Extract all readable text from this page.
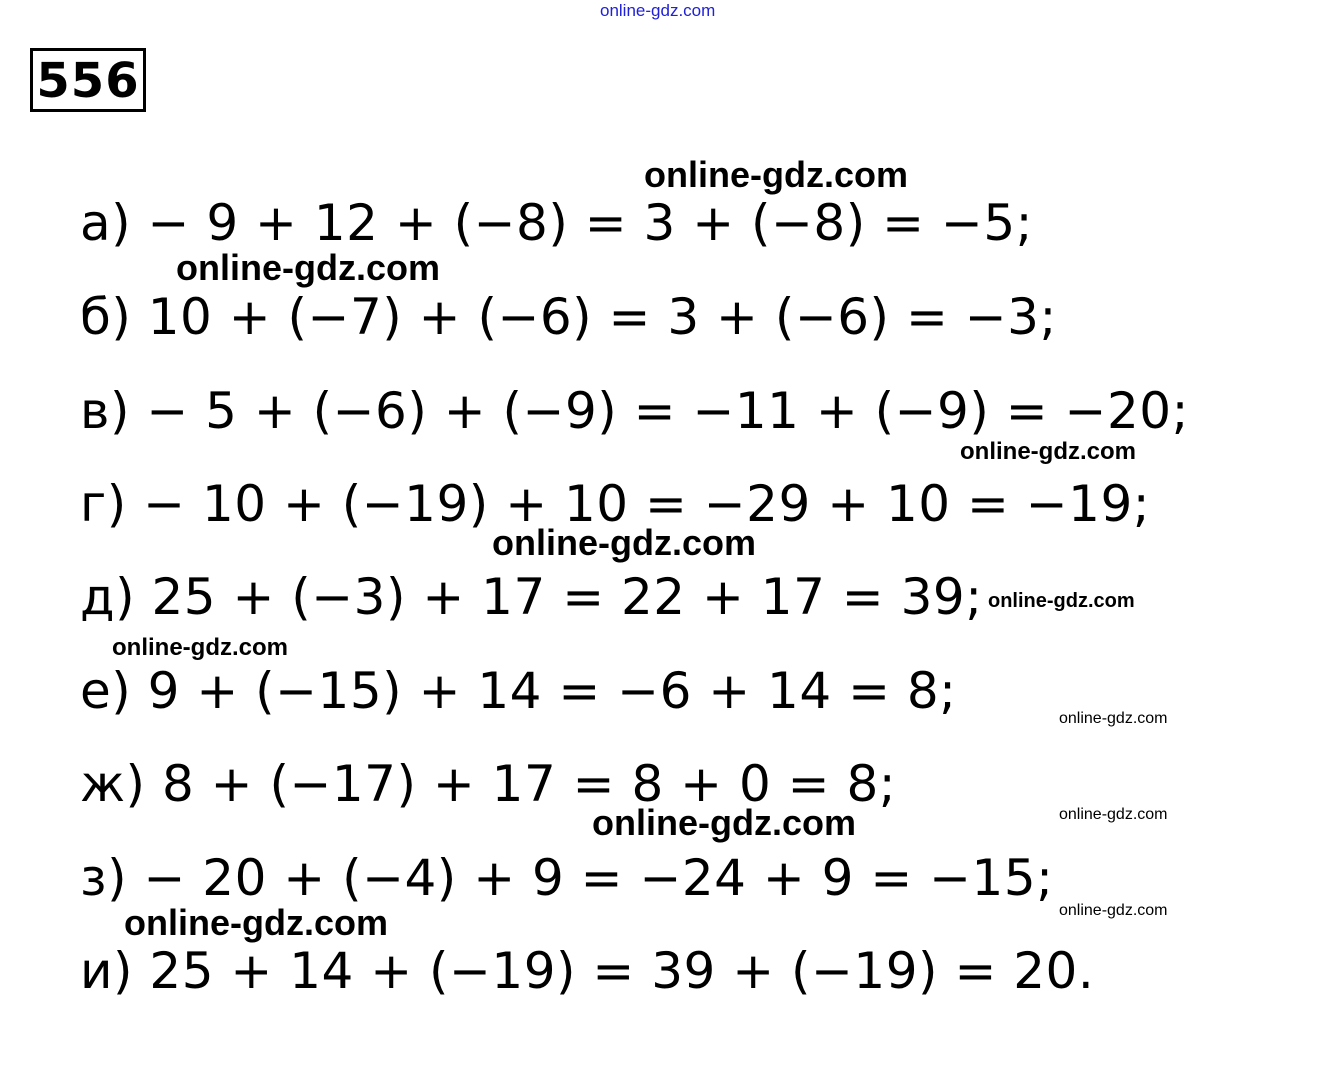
online-gdz.com
556
а) − 9 + 12 + (−8) = 3 + (−8) = −5;
б) 10 + (−7) + (−6) = 3 + (−6) = −3;
в) − 5 + (−6) + (−9) = −11 + (−9) = −20;
г) − 10 + (−19) + 10 = −29 + 10 = −19;
д) 25 + (−3) + 17 = 22 + 17 = 39;
е) 9 + (−15) + 14 = −6 + 14 = 8;
ж) 8 + (−17) + 17 = 8 + 0 = 8;
з) − 20 + (−4) + 9 = −24 + 9 = −15;
и) 25 + 14 + (−19) = 39 + (−19) = 20.
online-gdz.com
online-gdz.com
online-gdz.com
online-gdz.com
online-gdz.com
online-gdz.com
online-gdz.com
online-gdz.com	online-gdz.com
online-gdz.com	online-gdz.com
